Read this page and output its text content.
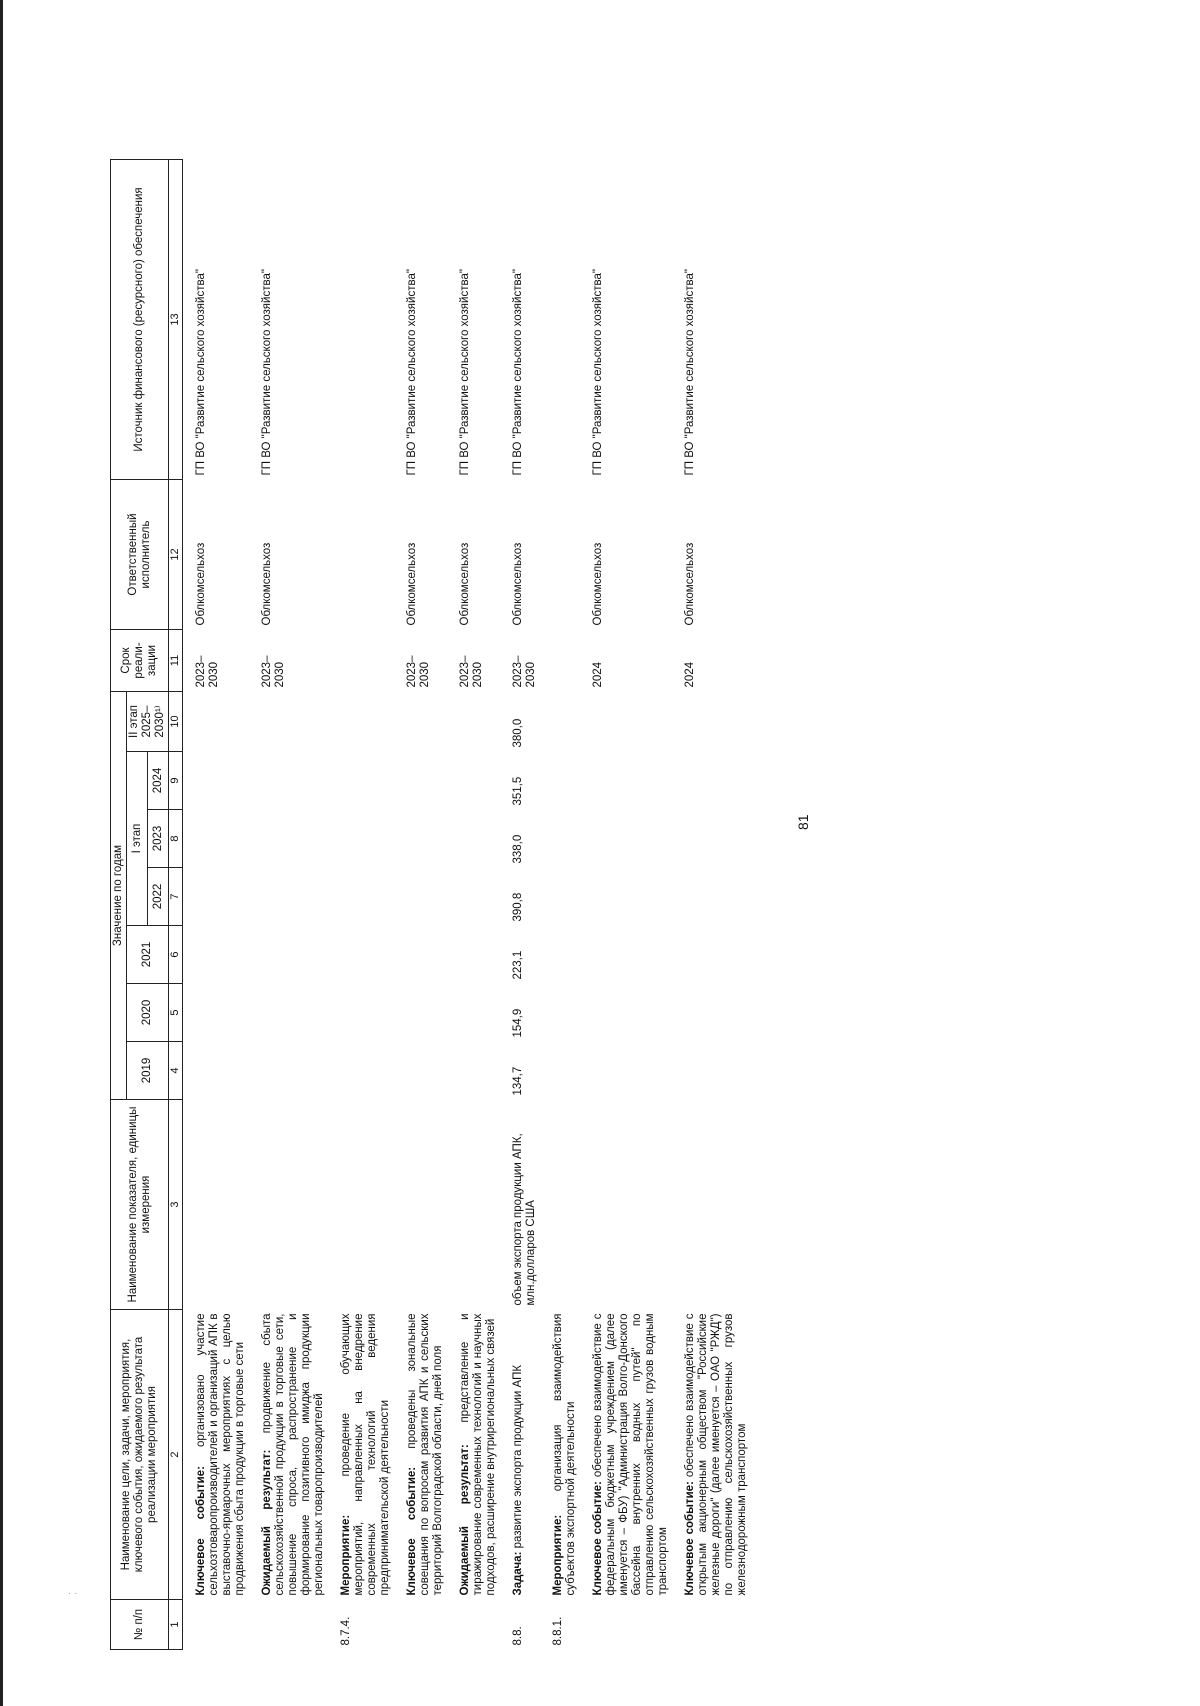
· ·
81
№ п/п	Наименование цели, задачи, мероприятия, ключевого события, ожидаемого результата реализации мероприятия	Наименование показателя, единицы измерения	Значение по годам							Срок реали-зации	Ответственный исполнитель	Источник финансового (ресурсного) обеспечения
			2019	2020	2021	I этап			II этап 2025–2030¹⁾			
						2022	2023	2024				
1	2	3	4	5	6	7	8	9	10	11	12	13
	Ключевое событие: организовано участие сельхозтоваропроизводителей и организаций АПК в выставочно-ярмарочных мероприятиях с целью продвижения сбыта продукции в торговые сети									2023–2030	Облкомсельхоз	ГП ВО "Развитие сельского хозяйства"
	Ожидаемый результат: продвижение сбыта сельскохозяйственной продукции в торговые сети, повышение спроса, распространение и формирование позитивного имиджа продукции региональных товаропроизводителей									2023–2030	Облкомсельхоз	ГП ВО "Развитие сельского хозяйства"
8.7.4.	Мероприятие: проведение обучающих мероприятий, направленных на внедрение современных технологий ведения предпринимательской деятельности											
	Ключевое событие: проведены зональные совещания по вопросам развития АПК и сельских территорий Волгоградской области, дней поля									2023–2030	Облкомсельхоз	ГП ВО "Развитие сельского хозяйства"
	Ожидаемый результат: представление и тиражирование современных технологий и научных подходов, расширение внутрирегиональных связей									2023–2030	Облкомсельхоз	ГП ВО "Развитие сельского хозяйства"
8.8.	Задача: развитие экспорта продукции АПК	объем экспорта продукции АПК, млн.долларов США	134,7	154,9	223,1	390,8	338,0	351,5	380,0	2023–2030	Облкомсельхоз	ГП ВО "Развитие сельского хозяйства"
8.8.1.	Мероприятие: организация взаимодействия субъектов экспортной деятельности											
	Ключевое событие: обеспечено взаимодействие с федеральным бюджетным учреждением (далее именуется – ФБУ) "Администрация Волго-Донского бассейна внутренних водных путей" по отправлению сельскохозяйственных грузов водным транспортом									2024	Облкомсельхоз	ГП ВО "Развитие сельского хозяйства"
	Ключевое событие: обеспечено взаимодействие с открытым акционерным обществом "Российские железные дороги" (далее именуется – ОАО "РЖД") по отправлению сельскохозяйственных грузов железнодорожным транспортом									2024	Облкомсельхоз	ГП ВО "Развитие сельского хозяйства"
